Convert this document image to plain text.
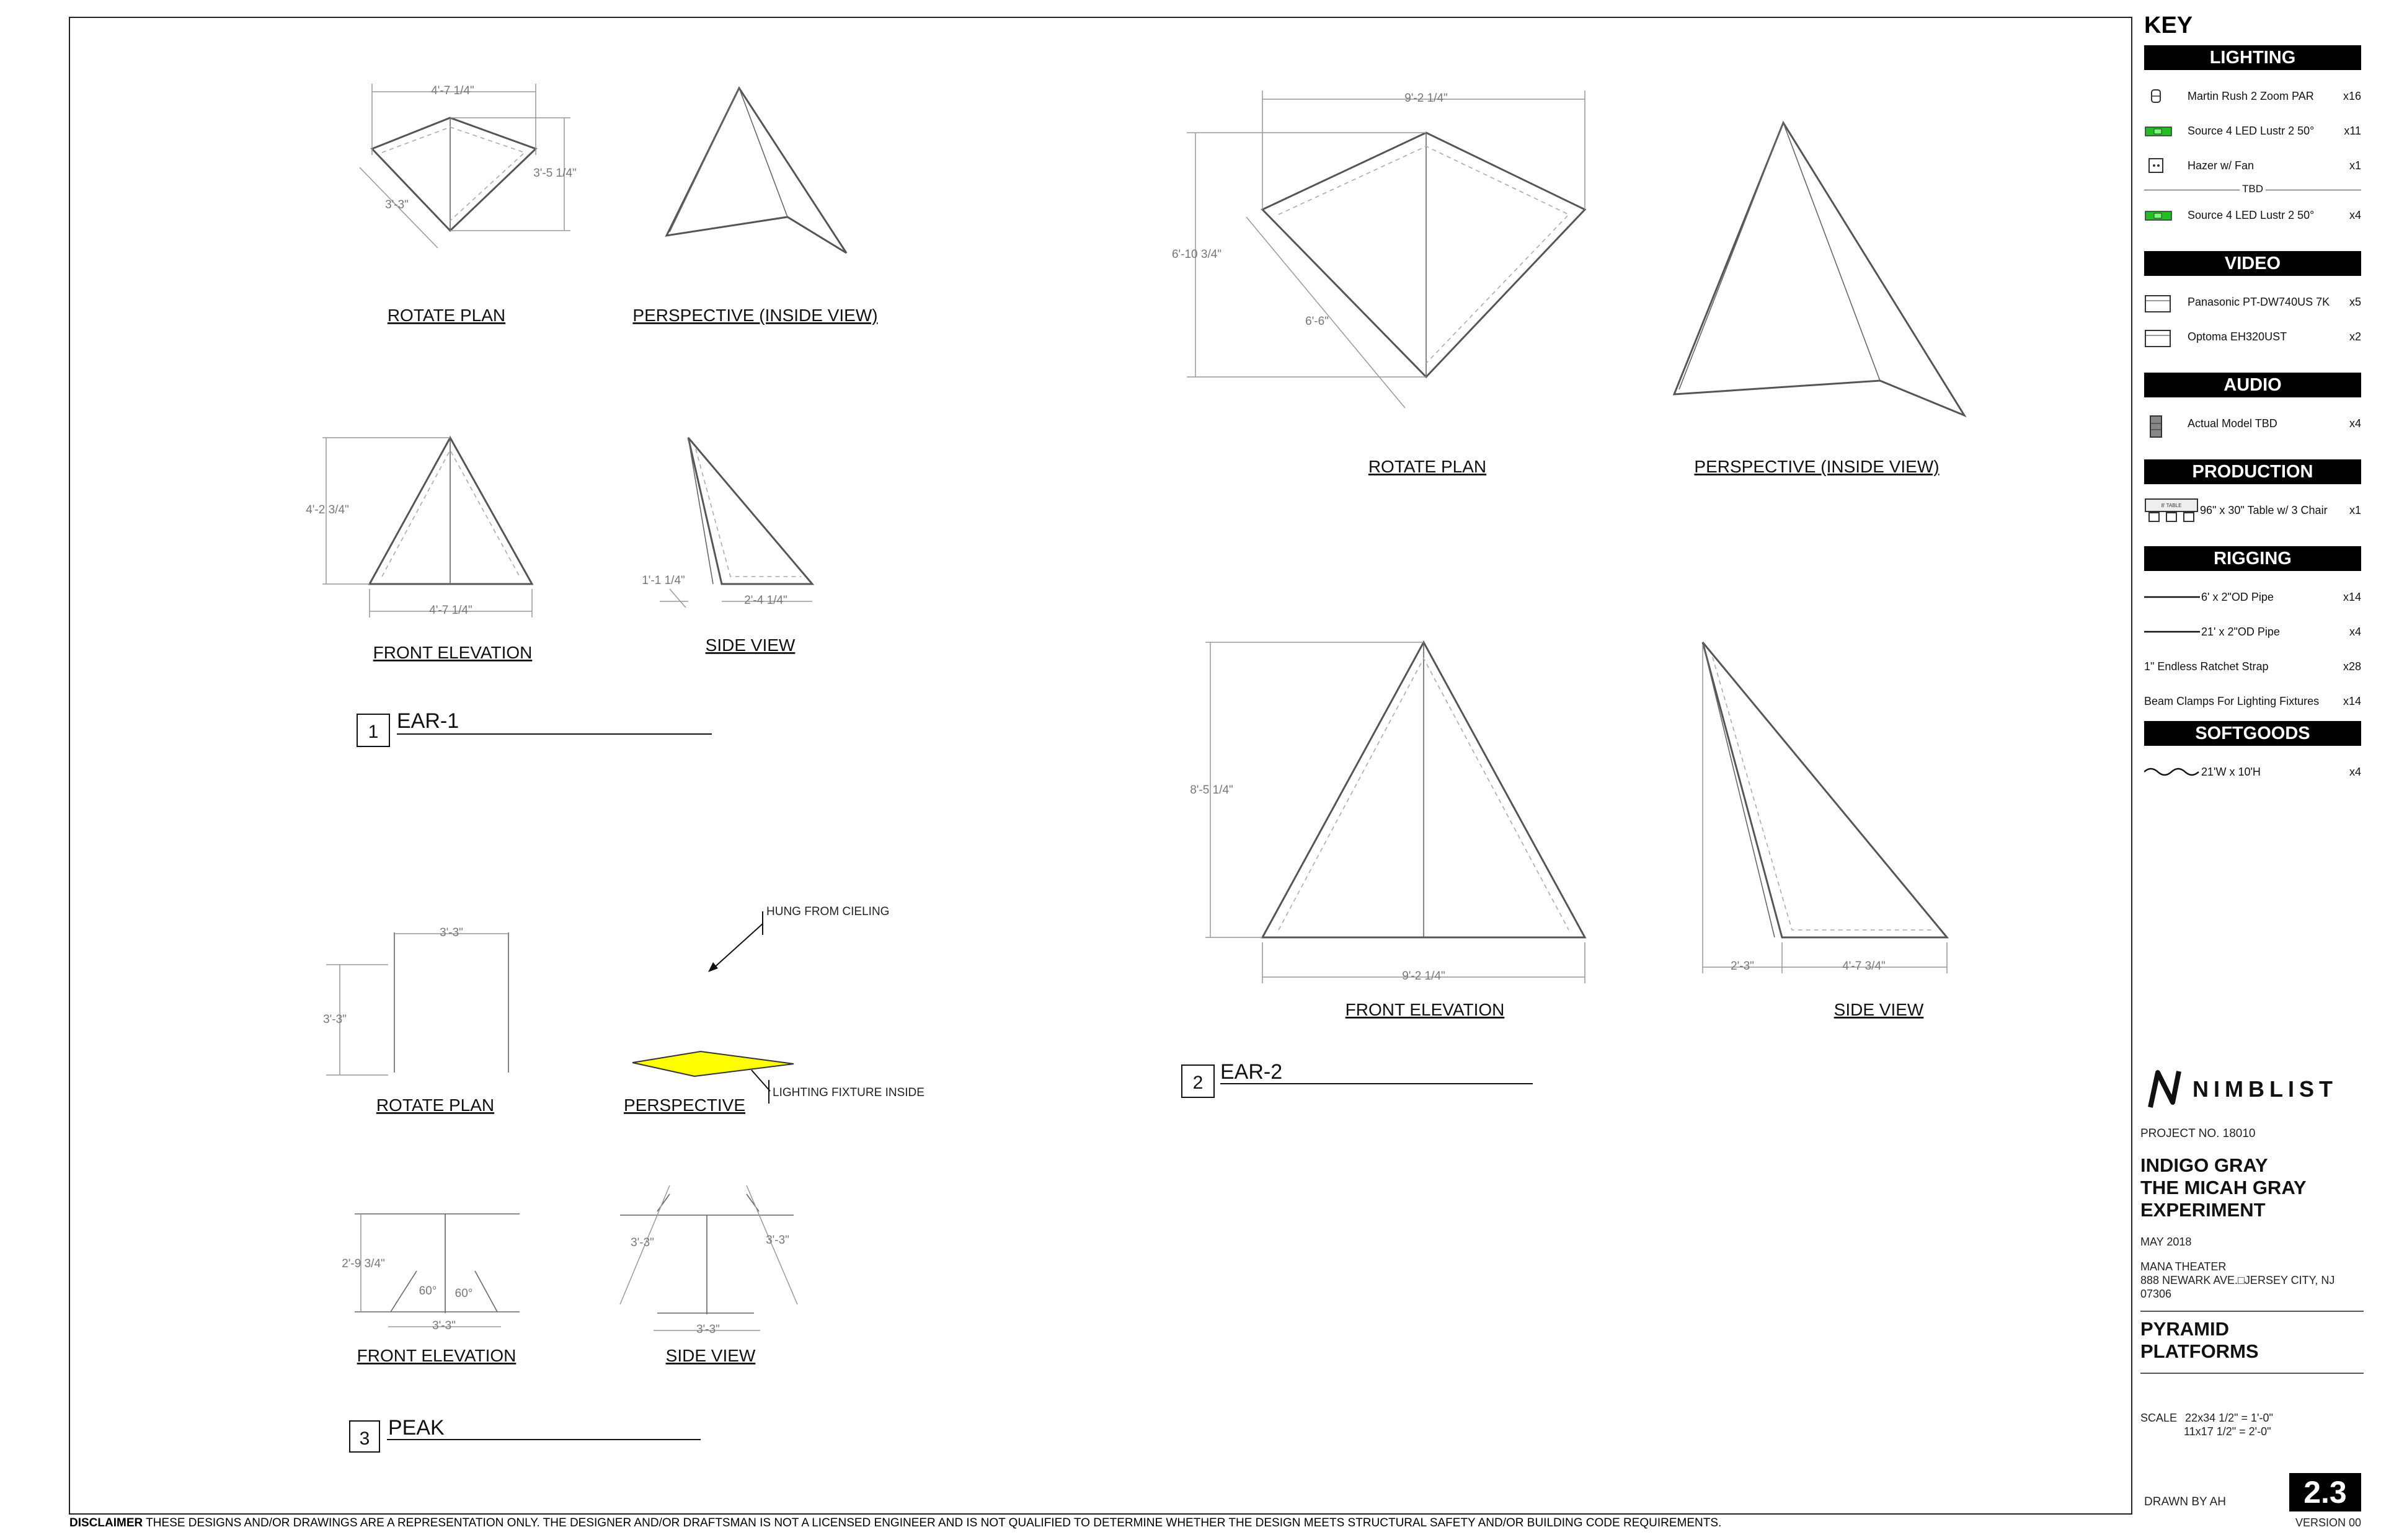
4'-7 1/4"
3'-5 1/4"
3'-3"
ROTATE PLAN	PERSPECTIVE (INSIDE VIEW)
4'-2 3/4"
4'-7 1/4"
FRONT ELEVATION
2'-4 1/4"
1'-1 1/4"
SIDE VIEW
1 EAR-1
9'-2 1/4"
6'-10 3/4"
6'-6"
ROTATE PLAN	PERSPECTIVE (INSIDE VIEW)
8'-5 1/4"
9'-2 1/4"
FRONT ELEVATION
2'-3"	4'-7 3/4"
SIDE VIEW
2 EAR-2
3'-3"
3'-3"
ROTATE PLAN
HUNG FROM CIELING
LIGHTING FIXTURE INSIDE
PERSPECTIVE
60° 60°
2'-9 3/4"
3'-3"
FRONT ELEVATION
3'-3"	3'-3"
3'-3"
SIDE VIEW
3 PEAK
DISCLAIMER THESE DESIGNS AND/OR DRAWINGS ARE A REPRESENTATION ONLY. THE DESIGNER AND/OR DRAFTSMAN IS NOT A LICENSED ENGINEER AND IS NOT QUALIFIED TO DETERMINE WHETHER THE DESIGN MEETS STRUCTURAL SAFETY AND/OR BUILDING CODE REQUIREMENTS.
KEY
LIGHTING
Martin Rush 2 Zoom PAR	x16
Source 4 LED Lustr 2 50°	x11
Hazer w/ Fan	x1
TBD
Source 4 LED Lustr 2 50°	x4
VIDEO
Panasonic PT-DW740US 7K x5
Optoma EH320UST	x2
AUDIO
Actual Model TBD	x4
PRODUCTION
8' TABLE 96" x 30" Table w/ 3 Chair x1
RIGGING
6' x 2"OD Pipe	x14
21' x 2"OD Pipe	x4
1" Endless Ratchet Strap	x28
Beam Clamps For Lighting Fixtures x14
SOFTGOODS
21'W x 10'H	x4
NIMBLIST
PROJECT NO. 18010
INDIGO GRAY
THE MICAH GRAY
EXPERIMENT
MAY 2018
MANA THEATER
888 NEWARK AVE.□JERSEY CITY, NJ
07306
PYRAMID
PLATFORMS
SCALE 22x34 1/2" = 1'-0"
11x17 1/2" = 2'-0"
DRAWN BY AH	2.3
VERSION 00
